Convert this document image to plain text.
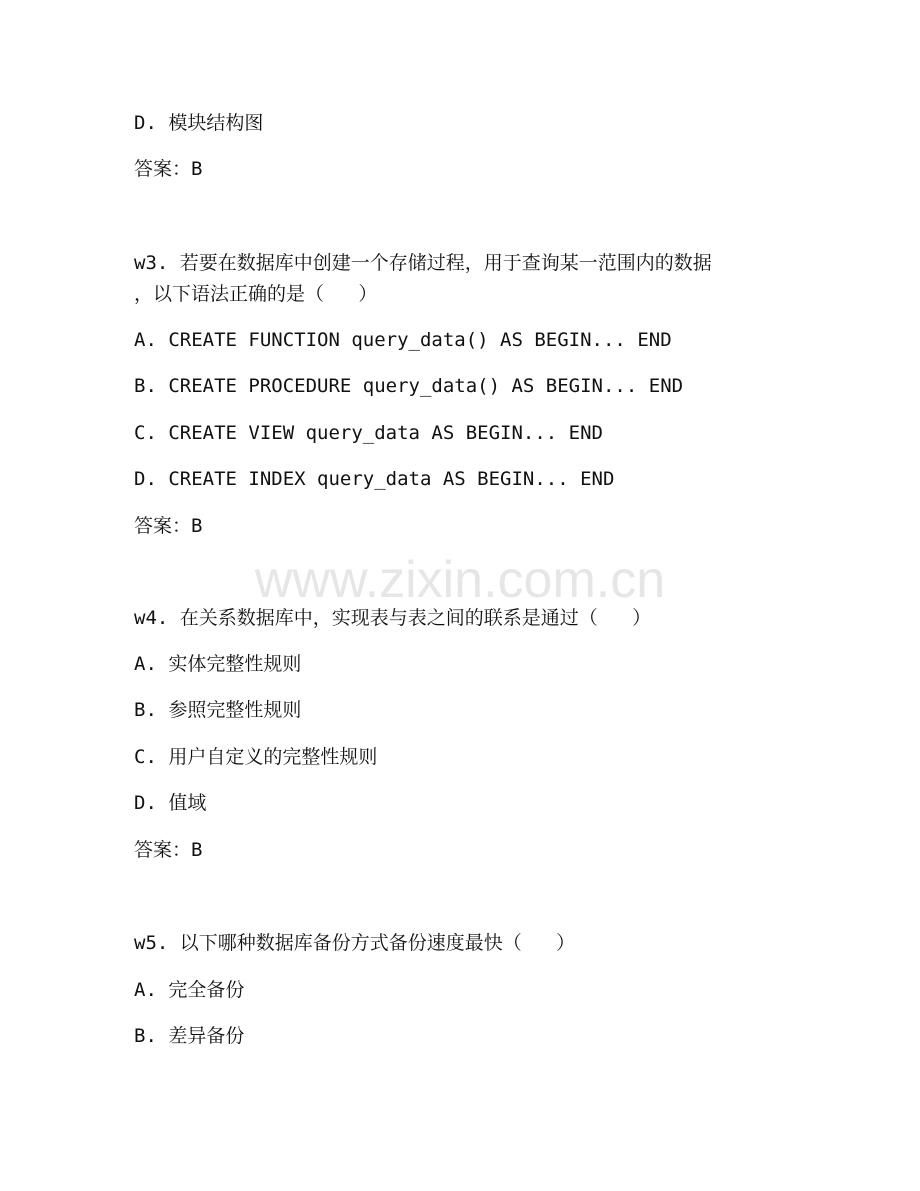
www.zixin.com.cn
D. 模块结构图
答案：B
w3. 若要在数据库中创建一个存储过程，用于查询某一范围内的数据
，以下语法正确的是（   ）
A. CREATE FUNCTION query_data() AS BEGIN... END
B. CREATE PROCEDURE query_data() AS BEGIN... END
C. CREATE VIEW query_data AS BEGIN... END
D. CREATE INDEX query_data AS BEGIN... END
答案：B
w4. 在关系数据库中，实现表与表之间的联系是通过（   ）
A. 实体完整性规则
B. 参照完整性规则
C. 用户自定义的完整性规则
D. 值域
答案：B
w5. 以下哪种数据库备份方式备份速度最快（   ）
A. 完全备份
B. 差异备份
